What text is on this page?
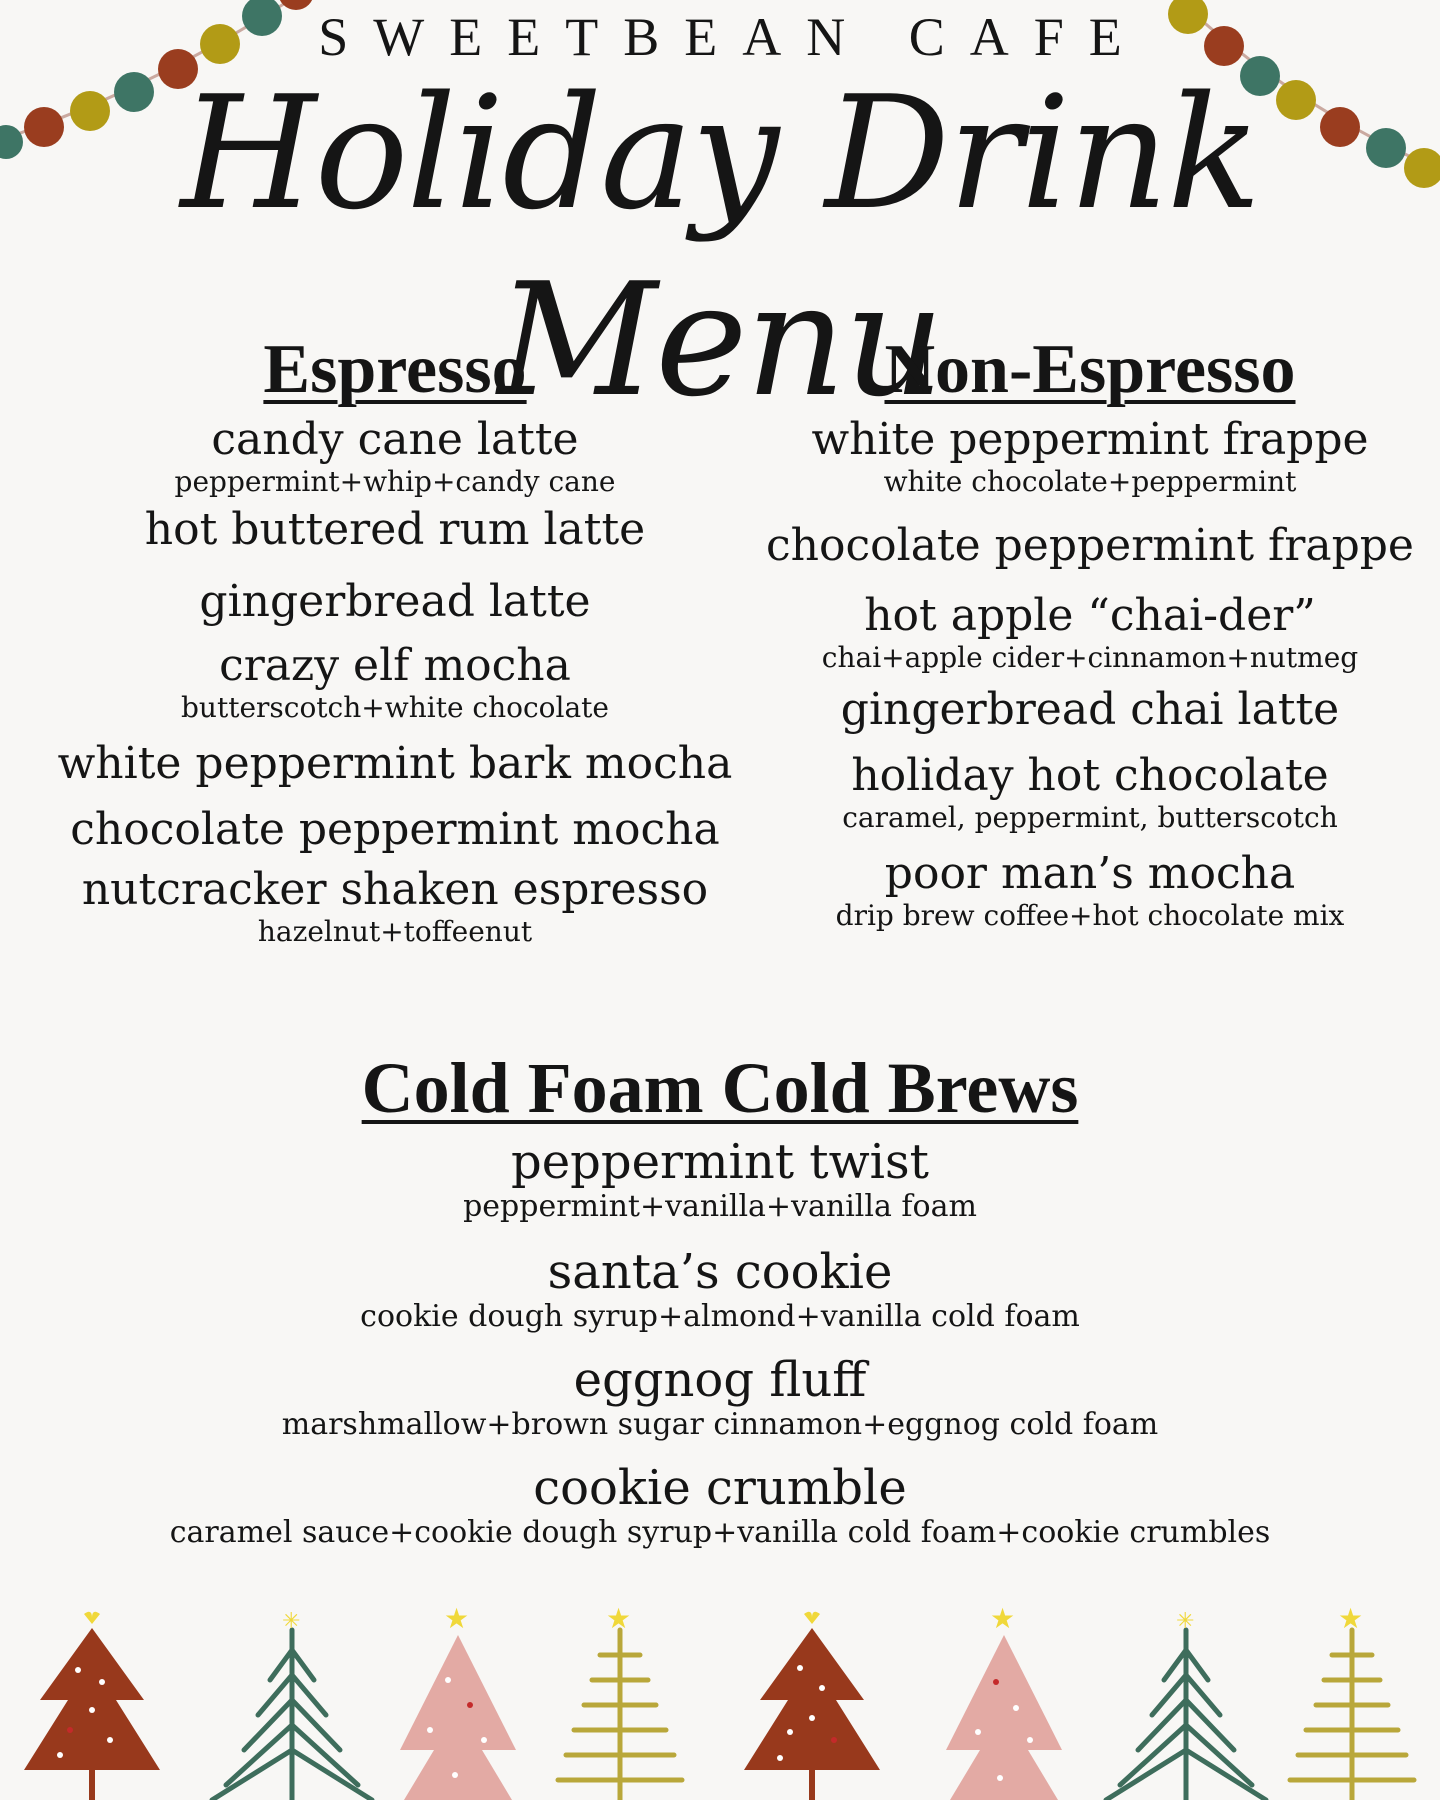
SWEETBEAN CAFE
Holiday Drink Menu
Espresso
candy cane latte
peppermint+whip+candy cane
hot buttered rum latte
gingerbread latte
crazy elf mocha
butterscotch+white chocolate
white peppermint bark mocha
chocolate peppermint mocha
nutcracker shaken espresso
hazelnut+toffeenut
Non-Espresso
white peppermint frappe
white chocolate+peppermint
chocolate peppermint frappe
hot apple “chai-der”
chai+apple cider+cinnamon+nutmeg
gingerbread chai latte
holiday hot chocolate
caramel, peppermint, butterscotch
poor man’s mocha
drip brew coffee+hot chocolate mix
Cold Foam Cold Brews
peppermint twist
peppermint+vanilla+vanilla foam
santa’s cookie
cookie dough syrup+almond+vanilla cold foam
eggnog fluff
marshmallow+brown sugar cinnamon+eggnog cold foam
cookie crumble
caramel sauce+cookie dough syrup+vanilla cold foam+cookie crumbles
✳	★	★	★	✳	★
